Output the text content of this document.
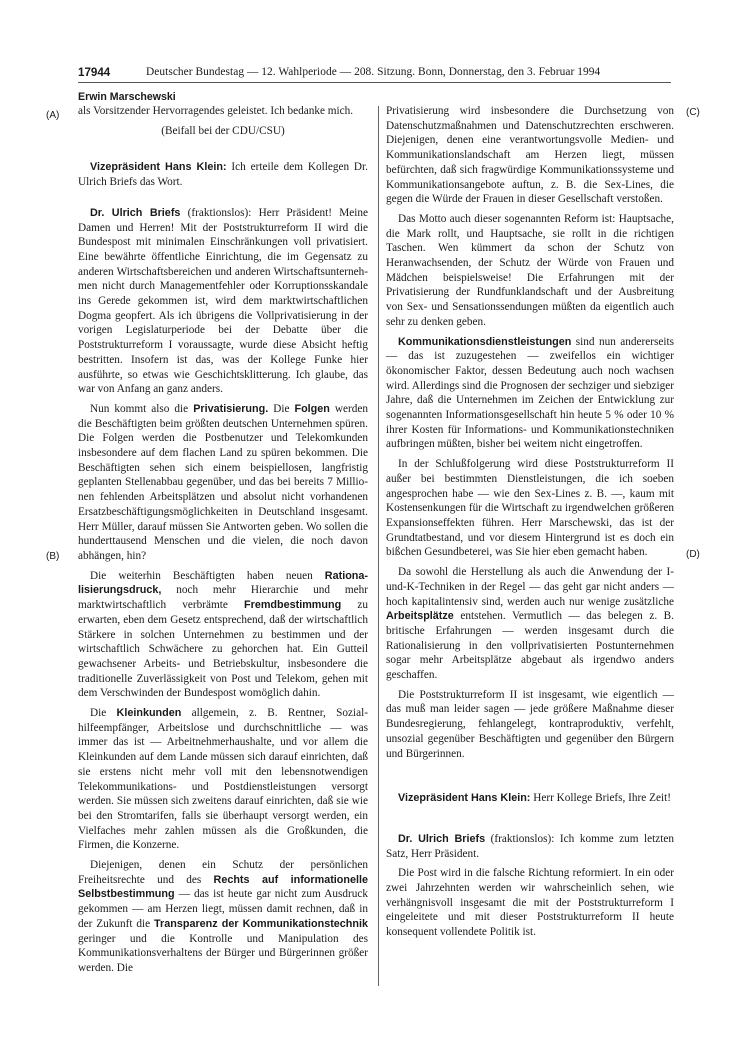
17944	Deutscher Bundestag — 12. Wahlperiode — 208. Sitzung. Bonn, Donnerstag, den 3. Februar 1994
Erwin Marschewski
(A)
(B)
(C)
(D)

als Vorsitzender Hervorragendes geleistet. Ich bedanke mich.

(Beifall bei der CDU/CSU)

Vizepräsident Hans Klein: Ich erteile dem Kollegen Dr. Ulrich Briefs das Wort.

Dr. Ulrich Briefs (fraktionslos): Herr Präsident! Meine Damen und Herren! Mit der Poststrukturreform II wird die Bundespost mit minimalen Einschränkungen voll privatisiert. Eine bewährte öffentliche Einrichtung, die im Gegensatz zu anderen Wirtschaftsbereichen und anderen Wirtschaftsunternehmen nicht durch Managementfehler oder Korruptionsskandale ins Gerede gekommen ist, wird dem marktwirtschaftlichen Dogma geopfert. Als ich übrigens die Vollprivatisierung in der vorigen Legislaturperiode bei der Debatte über die Poststrukturreform I voraussagte, wurde diese Absicht heftig bestritten. Insofern ist das, was der Kollege Funke hier ausführte, so etwas wie Geschichtsklitterung. Ich glaube, das war von Anfang an ganz anders.

Nun kommt also die Privatisierung. Die Folgen werden die Beschäftigten beim größten deutschen Unternehmen spüren. Die Folgen werden die Postbenutzer und Telekomkunden insbesondere auf dem flachen Land zu spüren bekommen. Die Beschäftigten sehen sich einem beispiellosen, langfristig geplanten Stellenabbau gegenüber, und das bei bereits 7 Millionen fehlenden Arbeitsplätzen und absolut nicht vorhandenen Ersatzbeschäftigungsmöglichkeiten in Deutschland insgesamt. Herr Müller, darauf müssen Sie Antworten geben. Wo sollen die hunderttausend Menschen und die vielen, die noch davon abhängen, hin?

Die weiterhin Beschäftigten haben neuen Rationalisierungsdruck, noch mehr Hierarchie und mehr marktwirtschaftlich verbrämte Fremdbestimmung zu erwarten, eben dem Gesetz entsprechend, daß der wirtschaftlich Stärkere in solchen Unternehmen zu bestimmen und der wirtschaftlich Schwächere zu gehorchen hat. Ein Gutteil gewachsener Arbeits- und Betriebskultur, insbesondere die traditionelle Zuverlässigkeit von Post und Telekom, gehen mit dem Verschwinden der Bundespost womöglich dahin.

Die Kleinkunden allgemein, z. B. Rentner, Sozialhilfeempfänger, Arbeitslose und durchschnittliche — was immer das ist — Arbeitnehmerhaushalte, und vor allem die Kleinkunden auf dem Lande müssen sich darauf einrichten, daß sie erstens nicht mehr voll mit den lebensnotwendigen Telekommunikations- und Postdienstleistungen versorgt werden. Sie müssen sich zweitens darauf einrichten, daß sie wie bei den Stromtarifen, falls sie überhaupt versorgt werden, ein Vielfaches mehr zahlen müssen als die Großkunden, die Firmen, die Konzerne.

Diejenigen, denen ein Schutz der persönlichen Freiheitsrechte und des Rechts auf informationelle Selbstbestimmung — das ist heute gar nicht zum Ausdruck gekommen — am Herzen liegt, müssen damit rechnen, daß in der Zukunft die Transparenz der Kommunikationstechnik geringer und die Kontrolle und Manipulation des Kommunikationsverhaltens der Bürger und Bürgerinnen größer werden. Die

Privatisierung wird insbesondere die Durchsetzung von Datenschutzmaßnahmen und Datenschutzrechten erschweren. Diejenigen, denen eine verantwortungsvolle Medien- und Kommunikationslandschaft am Herzen liegt, müssen befürchten, daß sich fragwürdige Kommunikationssysteme und Kommunikationsangebote auftun, z. B. die Sex-Lines, die gegen die Würde der Frauen in dieser Gesellschaft verstoßen.

Das Motto auch dieser sogenannten Reform ist: Hauptsache, die Mark rollt, und Hauptsache, sie rollt in die richtigen Taschen. Wen kümmert da schon der Schutz von Heranwachsenden, der Schutz der Würde von Frauen und Mädchen beispielsweise! Die Erfahrungen mit der Privatisierung der Rundfunklandschaft und der Ausbreitung von Sex- und Sensationssendungen müßten da eigentlich auch sehr zu denken geben.

Kommunikationsdienstleistungen sind nun andererseits — das ist zuzugestehen — zweifellos ein wichtiger ökonomischer Faktor, dessen Bedeutung auch noch wachsen wird. Allerdings sind die Prognosen der sechziger und siebziger Jahre, daß die Unternehmen im Zeichen der Entwicklung zur sogenannten Informationsgesellschaft hin heute 5 % oder 10 % ihrer Kosten für Informations- und Kommunikationstechniken aufbringen müßten, bisher bei weitem nicht eingetroffen.

In der Schlußfolgerung wird diese Poststrukturreform II außer bei bestimmten Dienstleistungen, die ich soeben angesprochen habe — wie den Sex-Lines z. B. —, kaum mit Kostensenkungen für die Wirtschaft zu irgendwelchen größeren Expansionseffekten führen. Herr Marschewski, das ist der Grundtatbestand, und vor diesem Hintergrund ist es doch ein bißchen Gesundbeterei, was Sie hier eben gemacht haben.

Da sowohl die Herstellung als auch die Anwendung der I-und-K-Techniken in der Regel — das geht gar nicht anders — hoch kapitalintensiv sind, werden auch nur wenige zusätzliche Arbeitsplätze entstehen. Vermutlich — das belegen z. B. britische Erfahrungen — werden insgesamt durch die Rationalisierung in den vollprivatisierten Postunternehmen sogar mehr Arbeitsplätze abgebaut als irgendwo anders geschaffen.

Die Poststrukturreform II ist insgesamt, wie eigentlich — das muß man leider sagen — jede größere Maßnahme dieser Bundesregierung, fehlangelegt, kontraproduktiv, verfehlt, unsozial gegenüber Beschäftigten und gegenüber den Bürgern und Bürgerinnen.

Vizepräsident Hans Klein: Herr Kollege Briefs, Ihre Zeit!

Dr. Ulrich Briefs (fraktionslos): Ich komme zum letzten Satz, Herr Präsident.

Die Post wird in die falsche Richtung reformiert. In ein oder zwei Jahrzehnten werden wir wahrscheinlich sehen, wie verhängnisvoll insgesamt die mit der Poststrukturreform I eingeleitete und mit dieser Poststrukturreform II heute konsequent vollendete Politik ist.
